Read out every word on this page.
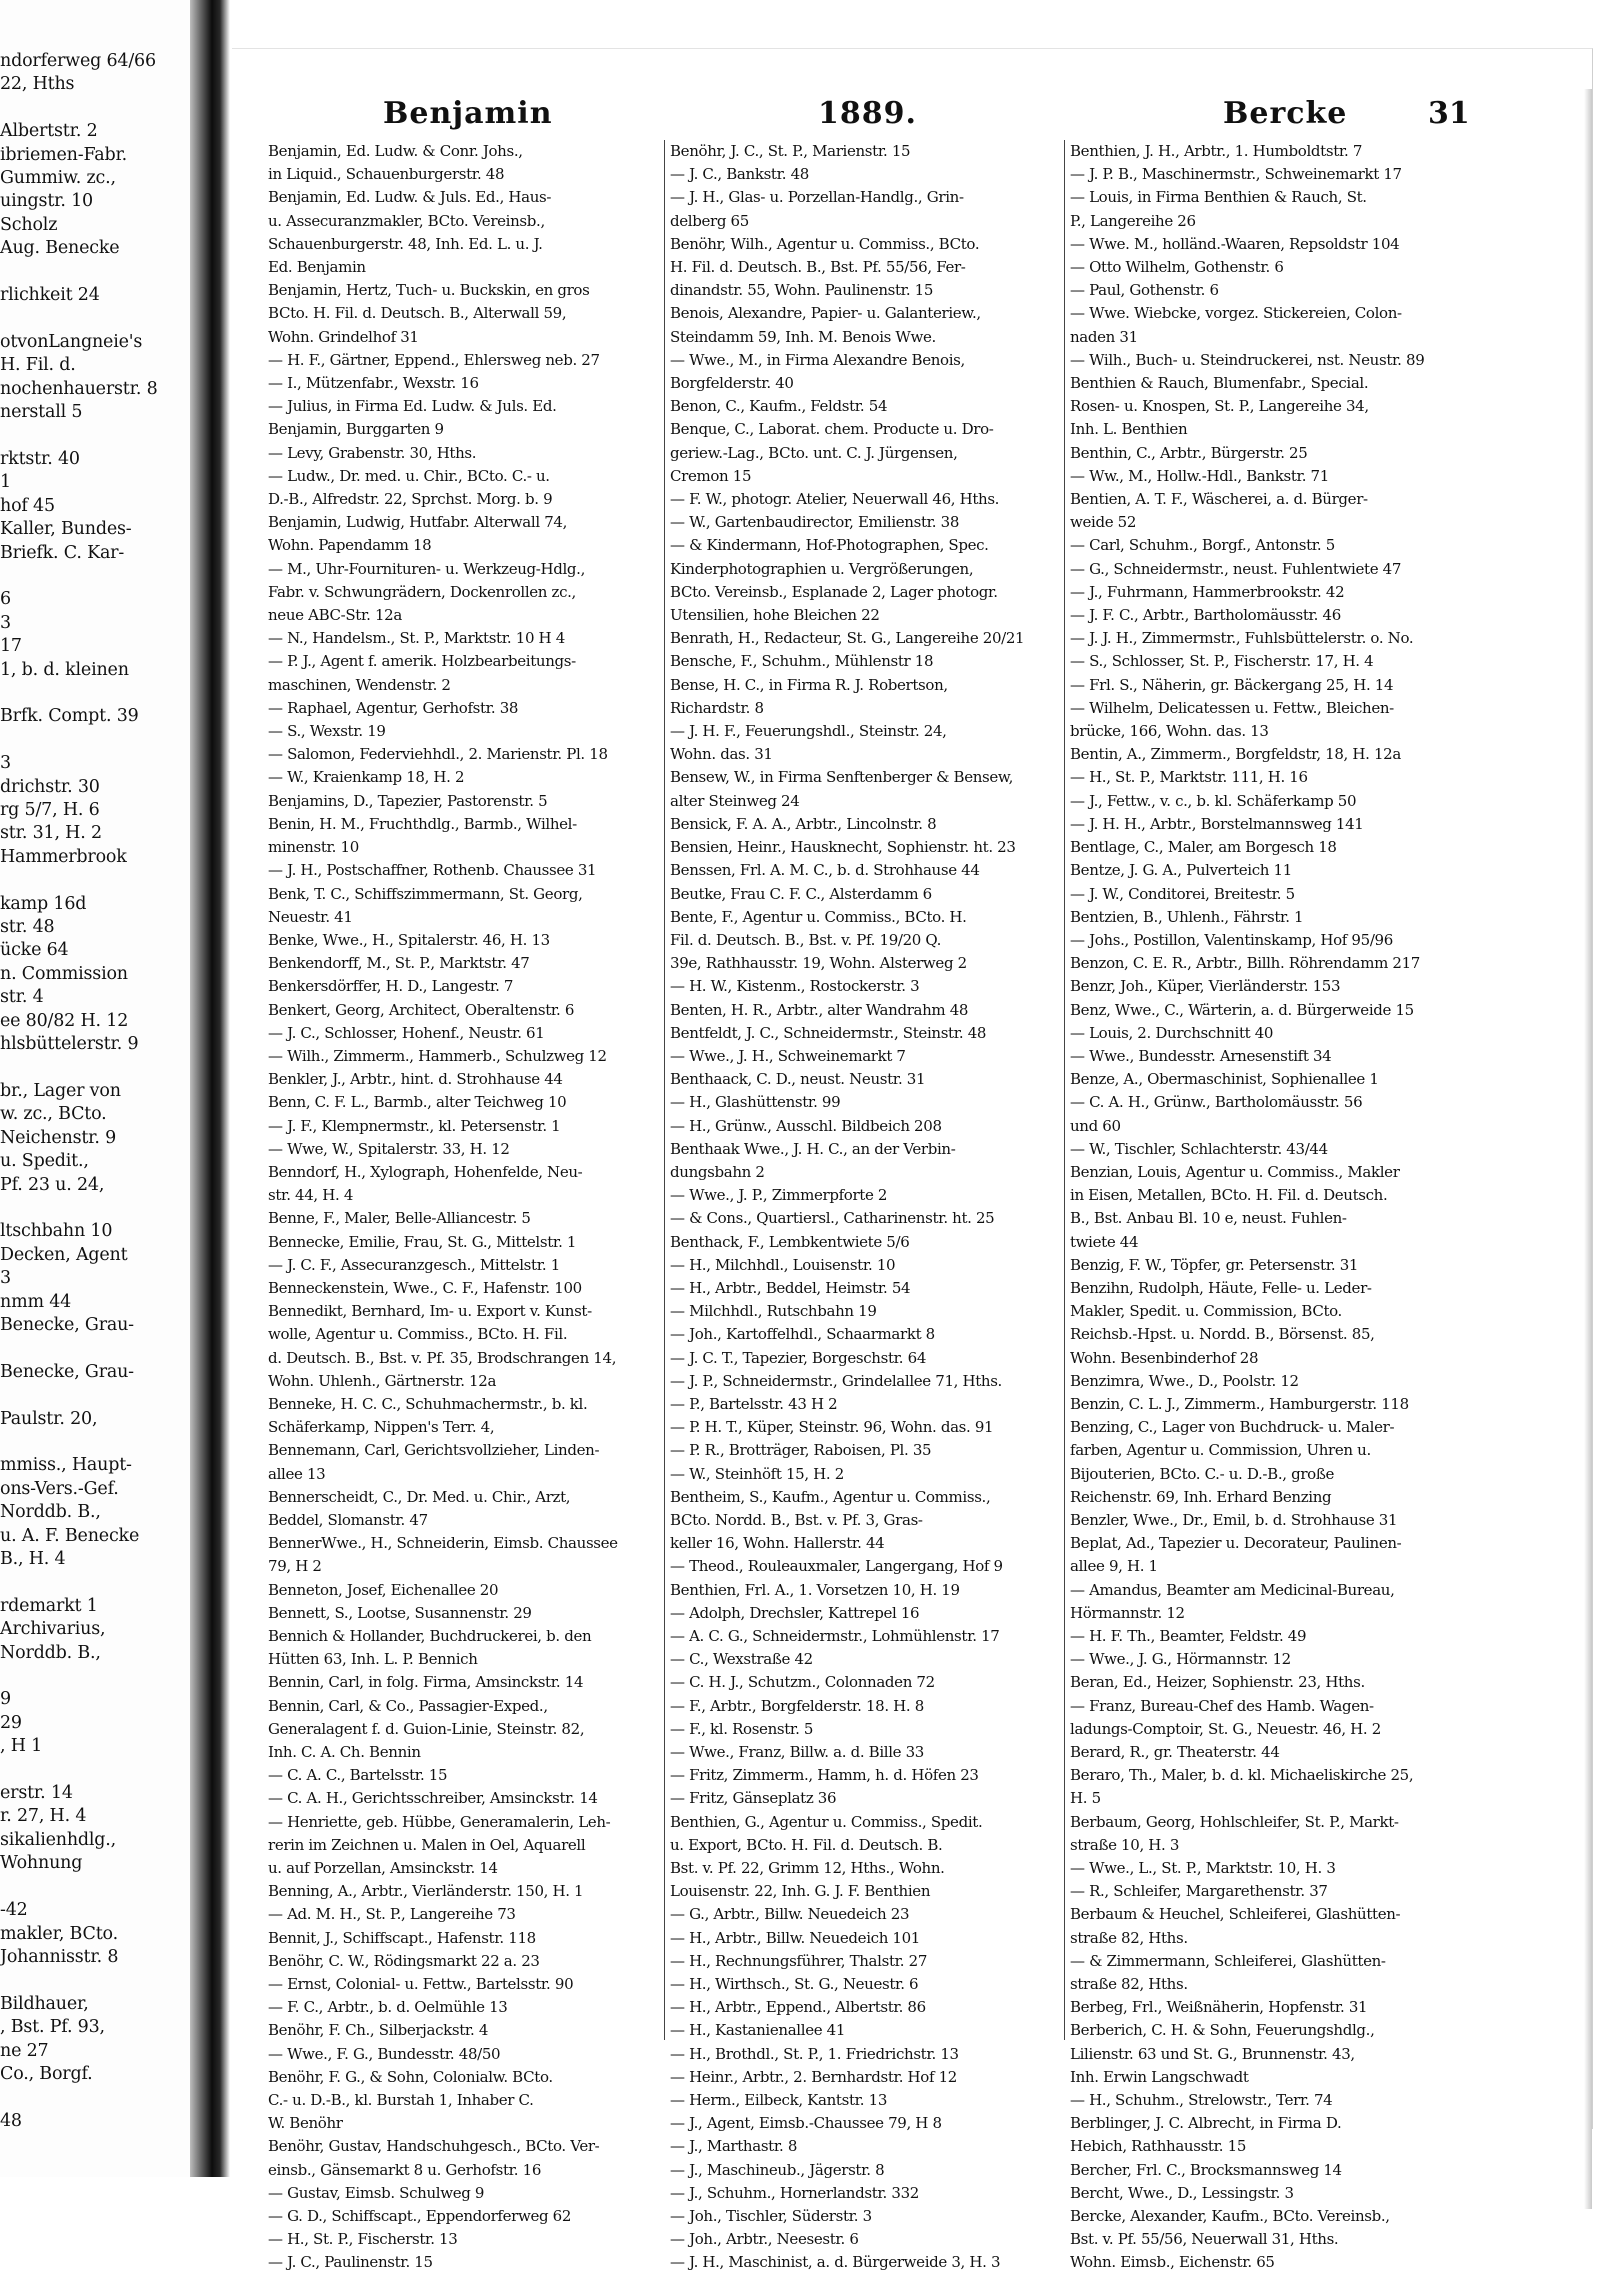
ndorferweg 64/66
22, Hths

Albertstr. 2
ibriemen-Fabr.
Gummiw. zc.,
uingstr. 10
Scholz
Aug. Benecke

rlichkeit 24

otvonLangneie's
H. Fil. d.
nochenhauerstr. 8
nerstall 5

rktstr. 40
1
hof 45
Kaller, Bundes-
Briefk. C. Kar-

6
3
17
1, b. d. kleinen

Brfk. Compt. 39

3
drichstr. 30
rg 5/7, H. 6
str. 31, H. 2
Hammerbrook

kamp 16d
str. 48
ücke 64
n. Commission
str. 4
ee 80/82 H. 12
hlsbüttelerstr. 9

br., Lager von
w. zc., BCto.
Neichenstr. 9
u. Spedit.,
Pf. 23 u. 24,

ltschbahn 10
Decken, Agent
3
nmm 44
Benecke, Grau-

Benecke, Grau-

Paulstr. 20,

mmiss., Haupt-
ons-Vers.-Gef.
Norddb. B.,
u. A. F. Benecke
B., H. 4

rdemarkt 1
Archivarius,
Norddb. B.,

9
29
, H 1

erstr. 14
r. 27, H. 4
sikalienhdlg.,
Wohnung

-42
makler, BCto.
Johannisstr. 8

Bildhauer,
, Bst. Pf. 93,
ne 27
Co., Borgf.

48
Benjamin	1889.	Bercke	31
Benjamin, Ed. Ludw. & Conr. Johs.,
in Liquid., Schauenburgerstr. 48
Benjamin, Ed. Ludw. & Juls. Ed., Haus-
u. Assecuranzmakler, BCto. Vereinsb.,
Schauenburgerstr. 48, Inh. Ed. L. u. J.
Ed. Benjamin
Benjamin, Hertz, Tuch- u. Buckskin, en gros
BCto. H. Fil. d. Deutsch. B., Alterwall 59,
Wohn. Grindelhof 31
— H. F., Gärtner, Eppend., Ehlersweg neb. 27
— I., Mützenfabr., Wexstr. 16
— Julius, in Firma Ed. Ludw. & Juls. Ed.
Benjamin, Burggarten 9
— Levy, Grabenstr. 30, Hths.
— Ludw., Dr. med. u. Chir., BCto. C.- u.
D.-B., Alfredstr. 22, Sprchst. Morg. b. 9
Benjamin, Ludwig, Hutfabr. Alterwall 74,
Wohn. Papendamm 18
— M., Uhr-Fournituren- u. Werkzeug-Hdlg.,
Fabr. v. Schwungrädern, Dockenrollen zc.,
neue ABC-Str. 12a
— N., Handelsm., St. P., Marktstr. 10 H 4
— P. J., Agent f. amerik. Holzbearbeitungs-
maschinen, Wendenstr. 2
— Raphael, Agentur, Gerhofstr. 38
— S., Wexstr. 19
— Salomon, Federviehhdl., 2. Marienstr. Pl. 18
— W., Kraienkamp 18, H. 2
Benjamins, D., Tapezier, Pastorenstr. 5
Benin, H. M., Fruchthdlg., Barmb., Wilhel-
minenstr. 10
— J. H., Postschaffner, Rothenb. Chaussee 31
Benk, T. C., Schiffszimmermann, St. Georg,
Neuestr. 41
Benke, Wwe., H., Spitalerstr. 46, H. 13
Benkendorff, M., St. P., Marktstr. 47
Benkersdörffer, H. D., Langestr. 7
Benkert, Georg, Architect, Oberaltenstr. 6
— J. C., Schlosser, Hohenf., Neustr. 61
— Wilh., Zimmerm., Hammerb., Schulzweg 12
Benkler, J., Arbtr., hint. d. Strohhause 44
Benn, C. F. L., Barmb., alter Teichweg 10
— J. F., Klempnermstr., kl. Petersenstr. 1
— Wwe, W., Spitalerstr. 33, H. 12
Benndorf, H., Xylograph, Hohenfelde, Neu-
str. 44, H. 4
Benne, F., Maler, Belle-Alliancestr. 5
Bennecke, Emilie, Frau, St. G., Mittelstr. 1
— J. C. F., Assecuranzgesch., Mittelstr. 1
Benneckenstein, Wwe., C. F., Hafenstr. 100
Bennedikt, Bernhard, Im- u. Export v. Kunst-
wolle, Agentur u. Commiss., BCto. H. Fil.
d. Deutsch. B., Bst. v. Pf. 35, Brodschrangen 14,
Wohn. Uhlenh., Gärtnerstr. 12a
Benneke, H. C. C., Schuhmachermstr., b. kl.
Schäferkamp, Nippen's Terr. 4,
Bennemann, Carl, Gerichtsvollzieher, Linden-
allee 13
Bennerscheidt, C., Dr. Med. u. Chir., Arzt,
Beddel, Slomanstr. 47
BennerWwe., H., Schneiderin, Eimsb. Chaussee
79, H 2
Benneton, Josef, Eichenallee 20
Bennett, S., Lootse, Susannenstr. 29
Bennich & Hollander, Buchdruckerei, b. den
Hütten 63, Inh. L. P. Bennich
Bennin, Carl, in folg. Firma, Amsinckstr. 14
Bennin, Carl, & Co., Passagier-Exped.,
Generalagent f. d. Guion-Linie, Steinstr. 82,
Inh. C. A. Ch. Bennin
— C. A. C., Bartelsstr. 15
— C. A. H., Gerichtsschreiber, Amsinckstr. 14
— Henriette, geb. Hübbe, Generamalerin, Leh-
rerin im Zeichnen u. Malen in Oel, Aquarell
u. auf Porzellan, Amsinckstr. 14
Benning, A., Arbtr., Vierländerstr. 150, H. 1
— Ad. M. H., St. P., Langereihe 73
Bennit, J., Schiffscapt., Hafenstr. 118
Benöhr, C. W., Rödingsmarkt 22 a. 23
— Ernst, Colonial- u. Fettw., Bartelsstr. 90
— F. C., Arbtr., b. d. Oelmühle 13
Benöhr, F. Ch., Silberjackstr. 4
— Wwe., F. G., Bundesstr. 48/50
Benöhr, F. G., & Sohn, Colonialw. BCto.
C.- u. D.-B., kl. Burstah 1, Inhaber C.
W. Benöhr
Benöhr, Gustav, Handschuhgesch., BCto. Ver-
einsb., Gänsemarkt 8 u. Gerhofstr. 16
— Gustav, Eimsb. Schulweg 9
— G. D., Schiffscapt., Eppendorferweg 62
— H., St. P., Fischerstr. 13
— J. C., Paulinenstr. 15
Benöhr, J. C., St. P., Marienstr. 15
— J. C., Bankstr. 48
— J. H., Glas- u. Porzellan-Handlg., Grin-
delberg 65
Benöhr, Wilh., Agentur u. Commiss., BCto.
H. Fil. d. Deutsch. B., Bst. Pf. 55/56, Fer-
dinandstr. 55, Wohn. Paulinenstr. 15
Benois, Alexandre, Papier- u. Galanteriew.,
Steindamm 59, Inh. M. Benois Wwe.
— Wwe., M., in Firma Alexandre Benois,
Borgfelderstr. 40
Benon, C., Kaufm., Feldstr. 54
Benque, C., Laborat. chem. Producte u. Dro-
geriew.-Lag., BCto. unt. C. J. Jürgensen,
Cremon 15
— F. W., photogr. Atelier, Neuerwall 46, Hths.
— W., Gartenbaudirector, Emilienstr. 38
— & Kindermann, Hof-Photographen, Spec.
Kinderphotographien u. Vergrößerungen,
BCto. Vereinsb., Esplanade 2, Lager photogr.
Utensilien, hohe Bleichen 22
Benrath, H., Redacteur, St. G., Langereihe 20/21
Bensche, F., Schuhm., Mühlenstr 18
Bense, H. C., in Firma R. J. Robertson,
Richardstr. 8
— J. H. F., Feuerungshdl., Steinstr. 24,
Wohn. das. 31
Bensew, W., in Firma Senftenberger & Bensew,
alter Steinweg 24
Bensick, F. A. A., Arbtr., Lincolnstr. 8
Bensien, Heinr., Hausknecht, Sophienstr. ht. 23
Benssen, Frl. A. M. C., b. d. Strohhause 44
Beutke, Frau C. F. C., Alsterdamm 6
Bente, F., Agentur u. Commiss., BCto. H.
Fil. d. Deutsch. B., Bst. v. Pf. 19/20 Q.
39e, Rathhausstr. 19, Wohn. Alsterweg 2
— H. W., Kistenm., Rostockerstr. 3
Benten, H. R., Arbtr., alter Wandrahm 48
Bentfeldt, J. C., Schneidermstr., Steinstr. 48
— Wwe., J. H., Schweinemarkt 7
Benthaack, C. D., neust. Neustr. 31
— H., Glashüttenstr. 99
— H., Grünw., Ausschl. Bildbeich 208
Benthaak Wwe., J. H. C., an der Verbin-
dungsbahn 2
— Wwe., J. P., Zimmerpforte 2
— & Cons., Quartiersl., Catharinenstr. ht. 25
Benthack, F., Lembkentwiete 5/6
— H., Milchhdl., Louisenstr. 10
— H., Arbtr., Beddel, Heimstr. 54
— Milchhdl., Rutschbahn 19
— Joh., Kartoffelhdl., Schaarmarkt 8
— J. C. T., Tapezier, Borgeschstr. 64
— J. P., Schneidermstr., Grindelallee 71, Hths.
— P., Bartelsstr. 43 H 2
— P. H. T., Küper, Steinstr. 96, Wohn. das. 91
— P. R., Brotträger, Raboisen, Pl. 35
— W., Steinhöft 15, H. 2
Bentheim, S., Kaufm., Agentur u. Commiss.,
BCto. Nordd. B., Bst. v. Pf. 3, Gras-
keller 16, Wohn. Hallerstr. 44
— Theod., Rouleauxmaler, Langergang, Hof 9
Benthien, Frl. A., 1. Vorsetzen 10, H. 19
— Adolph, Drechsler, Kattrepel 16
— A. C. G., Schneidermstr., Lohmühlenstr. 17
— C., Wexstraße 42
— C. H. J., Schutzm., Colonnaden 72
— F., Arbtr., Borgfelderstr. 18. H. 8
— F., kl. Rosenstr. 5
— Wwe., Franz, Billw. a. d. Bille 33
— Fritz, Zimmerm., Hamm, h. d. Höfen 23
— Fritz, Gänseplatz 36
Benthien, G., Agentur u. Commiss., Spedit.
u. Export, BCto. H. Fil. d. Deutsch. B.
Bst. v. Pf. 22, Grimm 12, Hths., Wohn.
Louisenstr. 22, Inh. G. J. F. Benthien
— G., Arbtr., Billw. Neuedeich 23
— H., Arbtr., Billw. Neuedeich 101
— H., Rechnungsführer, Thalstr. 27
— H., Wirthsch., St. G., Neuestr. 6
— H., Arbtr., Eppend., Albertstr. 86
— H., Kastanienallee 41
— H., Brothdl., St. P., 1. Friedrichstr. 13
— Heinr., Arbtr., 2. Bernhardstr. Hof 12
— Herm., Eilbeck, Kantstr. 13
— J., Agent, Eimsb.-Chaussee 79, H 8
— J., Marthastr. 8
— J., Maschineub., Jägerstr. 8
— J., Schuhm., Hornerlandstr. 332
— Joh., Tischler, Süderstr. 3
— Joh., Arbtr., Neesestr. 6
— J. H., Maschinist, a. d. Bürgerweide 3, H. 3
Benthien, J. H., Arbtr., 1. Humboldtstr. 7
— J. P. B., Maschinermstr., Schweinemarkt 17
— Louis, in Firma Benthien & Rauch, St.
P., Langereihe 26
— Wwe. M., holländ.-Waaren, Repsoldstr 104
— Otto Wilhelm, Gothenstr. 6
— Paul, Gothenstr. 6
— Wwe. Wiebcke, vorgez. Stickereien, Colon-
naden 31
— Wilh., Buch- u. Steindruckerei, nst. Neustr. 89
Benthien & Rauch, Blumenfabr., Special.
Rosen- u. Knospen, St. P., Langereihe 34,
Inh. L. Benthien
Benthin, C., Arbtr., Bürgerstr. 25
— Ww., M., Hollw.-Hdl., Bankstr. 71
Bentien, A. T. F., Wäscherei, a. d. Bürger-
weide 52
— Carl, Schuhm., Borgf., Antonstr. 5
— G., Schneidermstr., neust. Fuhlentwiete 47
— J., Fuhrmann, Hammerbrookstr. 42
— J. F. C., Arbtr., Bartholomäusstr. 46
— J. J. H., Zimmermstr., Fuhlsbüttelerstr. o. No.
— S., Schlosser, St. P., Fischerstr. 17, H. 4
— Frl. S., Näherin, gr. Bäckergang 25, H. 14
— Wilhelm, Delicatessen u. Fettw., Bleichen-
brücke, 166, Wohn. das. 13
Bentin, A., Zimmerm., Borgfeldstr, 18, H. 12a
— H., St. P., Marktstr. 111, H. 16
— J., Fettw., v. c., b. kl. Schäferkamp 50
— J. H. H., Arbtr., Borstelmannsweg 141
Bentlage, C., Maler, am Borgesch 18
Bentze, J. G. A., Pulverteich 11
— J. W., Conditorei, Breitestr. 5
Bentzien, B., Uhlenh., Fährstr. 1
— Johs., Postillon, Valentinskamp, Hof 95/96
Benzon, C. E. R., Arbtr., Billh. Röhrendamm 217
Benzr, Joh., Küper, Vierländerstr. 153
Benz, Wwe., C., Wärterin, a. d. Bürgerweide 15
— Louis, 2. Durchschnitt 40
— Wwe., Bundesstr. Arnesenstift 34
Benze, A., Obermaschinist, Sophienallee 1
— C. A. H., Grünw., Bartholomäusstr. 56
und 60
— W., Tischler, Schlachterstr. 43/44
Benzian, Louis, Agentur u. Commiss., Makler
in Eisen, Metallen, BCto. H. Fil. d. Deutsch.
B., Bst. Anbau Bl. 10 e, neust. Fuhlen-
twiete 44
Benzig, F. W., Töpfer, gr. Petersenstr. 31
Benzihn, Rudolph, Häute, Felle- u. Leder-
Makler, Spedit. u. Commission, BCto.
Reichsb.-Hpst. u. Nordd. B., Börsenst. 85,
Wohn. Besenbinderhof 28
Benzimra, Wwe., D., Poolstr. 12
Benzin, C. L. J., Zimmerm., Hamburgerstr. 118
Benzing, C., Lager von Buchdruck- u. Maler-
farben, Agentur u. Commission, Uhren u.
Bijouterien, BCto. C.- u. D.-B., große
Reichenstr. 69, Inh. Erhard Benzing
Benzler, Wwe., Dr., Emil, b. d. Strohhause 31
Beplat, Ad., Tapezier u. Decorateur, Paulinen-
allee 9, H. 1
— Amandus, Beamter am Medicinal-Bureau,
Hörmannstr. 12
— H. F. Th., Beamter, Feldstr. 49
— Wwe., J. G., Hörmannstr. 12
Beran, Ed., Heizer, Sophienstr. 23, Hths.
— Franz, Bureau-Chef des Hamb. Wagen-
ladungs-Comptoir, St. G., Neuestr. 46, H. 2
Berard, R., gr. Theaterstr. 44
Beraro, Th., Maler, b. d. kl. Michaeliskirche 25,
H. 5
Berbaum, Georg, Hohlschleifer, St. P., Markt-
straße 10, H. 3
— Wwe., L., St. P., Marktstr. 10, H. 3
— R., Schleifer, Margarethenstr. 37
Berbaum & Heuchel, Schleiferei, Glashütten-
straße 82, Hths.
— & Zimmermann, Schleiferei, Glashütten-
straße 82, Hths.
Berbeg, Frl., Weißnäherin, Hopfenstr. 31
Berberich, C. H. & Sohn, Feuerungshdlg.,
Lilienstr. 63 und St. G., Brunnenstr. 43,
Inh. Erwin Langschwadt
— H., Schuhm., Strelowstr., Terr. 74
Berblinger, J. C. Albrecht, in Firma D.
Hebich, Rathhausstr. 15
Bercher, Frl. C., Brocksmannsweg 14
Bercht, Wwe., D., Lessingstr. 3
Bercke, Alexander, Kaufm., BCto. Vereinsb.,
Bst. v. Pf. 55/56, Neuerwall 31, Hths.
Wohn. Eimsb., Eichenstr. 65
